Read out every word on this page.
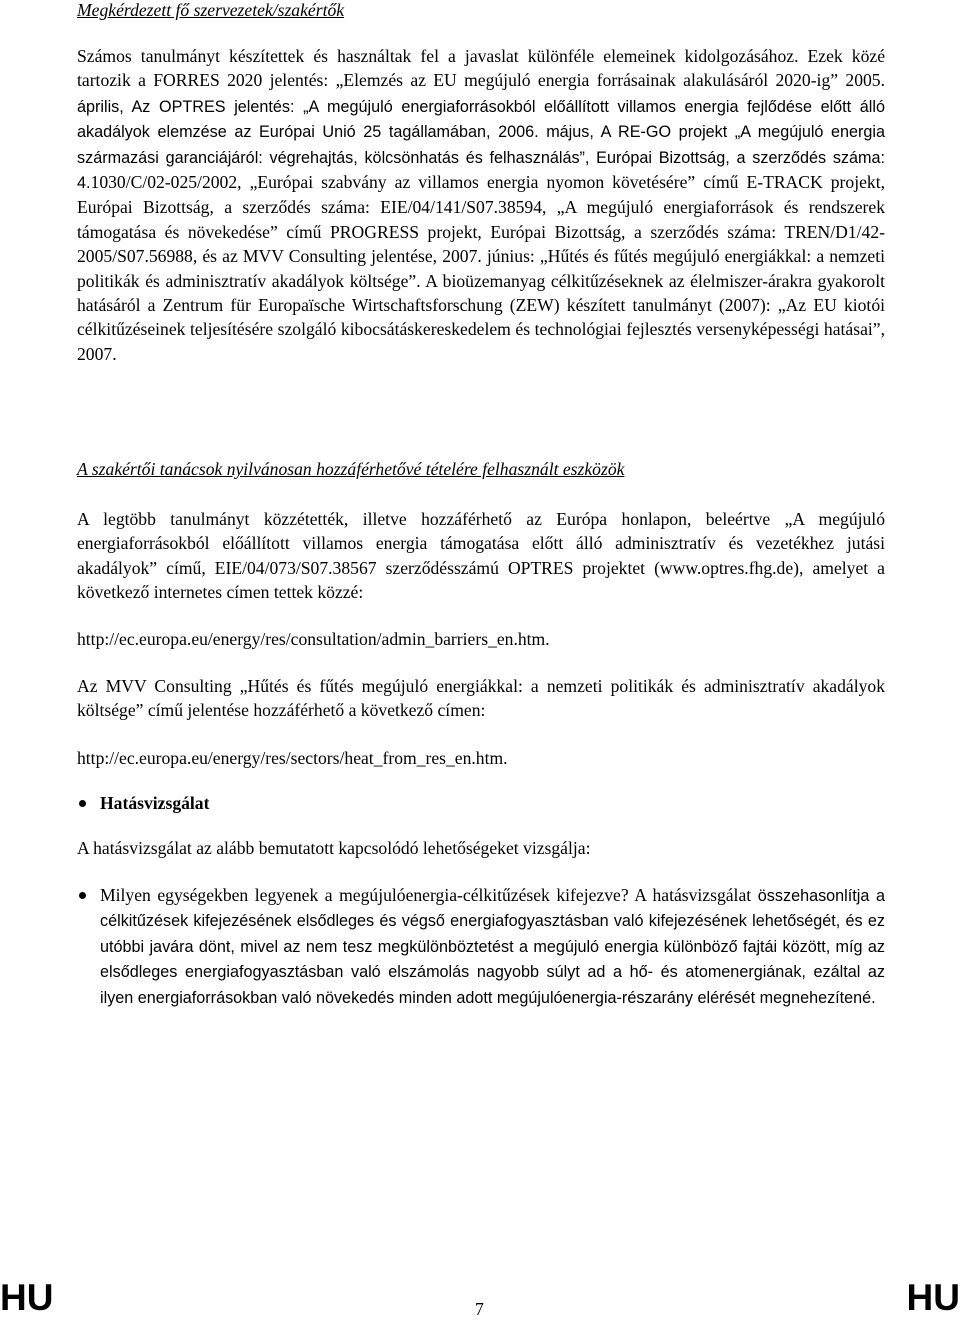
Megkérdezett fő szervezetek/szakértők

Számos tanulmányt készítettek és használtak fel a javaslat különféle elemeinek kidolgozásához. Ezek közé tartozik a FORRES 2020 jelentés: „Elemzés az EU megújuló energia forrásainak alakulásáról 2020-ig” 2005. április, Az OPTRES jelentés: „A megújuló energiaforrásokból előállított villamos energia fejlődése előtt álló akadályok elemzése az Európai Unió 25 tagállamában, 2006. május, A RE-GO projekt „A megújuló energia származási garanciájáról: végrehajtás, kölcsönhatás és felhasználás”, Európai Bizottság, a szerződés száma: 4.1030/C/02-025/2002, „Európai szabvány az villamos energia nyomon követésére” című E-TRACK projekt, Európai Bizottság, a szerződés száma: EIE/04/141/S07.38594, „A megújuló energiaforrások és rendszerek támogatása és növekedése” című PROGRESS projekt, Európai Bizottság, a szerződés száma: TREN/D1/42-2005/S07.56988, és az MVV Consulting jelentése, 2007. június: „Hűtés és fűtés megújuló energiákkal: a nemzeti politikák és adminisztratív akadályok költsége”. A bioüzemanyag célkitűzéseknek az élelmiszer-árakra gyakorolt hatásáról a Zentrum für Europaïsche Wirtschaftsforschung (ZEW) készített tanulmányt (2007): „Az EU kiotói célkitűzéseinek teljesítésére szolgáló kibocsátáskereskedelem és technológiai fejlesztés versenyképességi hatásai”, 2007.

A szakértői tanácsok nyilvánosan hozzáférhetővé tételére felhasznált eszközök

A legtöbb tanulmányt közzétették, illetve hozzáférhető az Európa honlapon, beleértve „A megújuló energiaforrásokból előállított villamos energia támogatása előtt álló adminisztratív és vezetékhez jutási akadályok” című, EIE/04/073/S07.38567 szerződésszámú OPTRES projektet (www.optres.fhg.de), amelyet a következő internetes címen tettek közzé:

http://ec.europa.eu/energy/res/consultation/admin_barriers_en.htm.

Az MVV Consulting „Hűtés és fűtés megújuló energiákkal: a nemzeti politikák és adminisztratív akadályok költsége” című jelentése hozzáférhető a következő címen:

http://ec.europa.eu/energy/res/sectors/heat_from_res_en.htm.

Hatásvizsgálat

A hatásvizsgálat az alább bemutatott kapcsolódó lehetőségeket vizsgálja:

Milyen egységekben legyenek a megújulóenergia-célkitűzések kifejezve? A hatásvizsgálat összehasonlítja a célkitűzések kifejezésének elsődleges és végső energiafogyasztásban való kifejezésének lehetőségét, és ez utóbbi javára dönt, mivel az nem tesz megkülönböztetést a megújuló energia különböző fajtái között, míg az elsődleges energiafogyasztásban való elszámolás nagyobb súlyt ad a hő- és atomenergiának, ezáltal az ilyen energiaforrásokban való növekedés minden adott megújulóenergia-részarány elérését megnehezítené.
HU	7	HU
